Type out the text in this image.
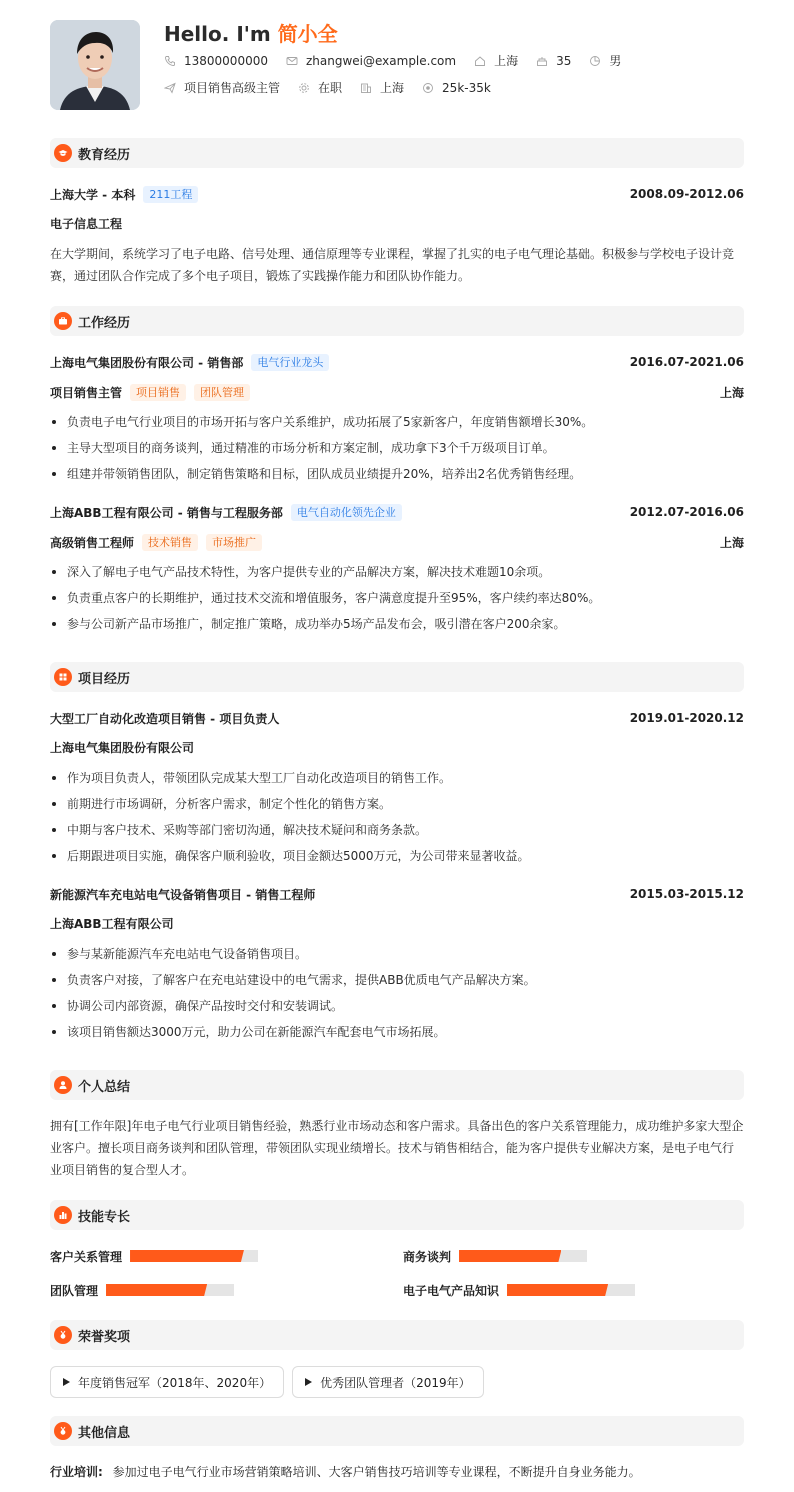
Hello. I'm 简小全
13800000000	zhangwei@example.com	上海	35	男
项目销售高级主管	在职	上海	25k-35k
教育经历
上海大学 - 本科	211工程	2008.09-2012.06
电子信息工程
在大学期间，系统学习了电子电路、信号处理、通信原理等专业课程，掌握了扎实的电子电气理论基础。积极参与学校电子设计竞赛，通过团队合作完成了多个电子项目，锻炼了实践操作能力和团队协作能力。
工作经历
上海电气集团股份有限公司 - 销售部	电气行业龙头	2016.07-2021.06
项目销售主管	项目销售	团队管理	上海
负责电子电气行业项目的市场开拓与客户关系维护，成功拓展了5家新客户，年度销售额增长30%。
主导大型项目的商务谈判，通过精准的市场分析和方案定制，成功拿下3个千万级项目订单。
组建并带领销售团队，制定销售策略和目标，团队成员业绩提升20%，培养出2名优秀销售经理。
上海ABB工程有限公司 - 销售与工程服务部	电气自动化领先企业	2012.07-2016.06
高级销售工程师	技术销售	市场推广	上海
深入了解电子电气产品技术特性，为客户提供专业的产品解决方案，解决技术难题10余项。
负责重点客户的长期维护，通过技术交流和增值服务，客户满意度提升至95%，客户续约率达80%。
参与公司新产品市场推广，制定推广策略，成功举办5场产品发布会，吸引潜在客户200余家。
项目经历
大型工厂自动化改造项目销售 - 项目负责人	2019.01-2020.12
上海电气集团股份有限公司
作为项目负责人，带领团队完成某大型工厂自动化改造项目的销售工作。
前期进行市场调研，分析客户需求，制定个性化的销售方案。
中期与客户技术、采购等部门密切沟通，解决技术疑问和商务条款。
后期跟进项目实施，确保客户顺利验收，项目金额达5000万元，为公司带来显著收益。
新能源汽车充电站电气设备销售项目 - 销售工程师	2015.03-2015.12
上海ABB工程有限公司
参与某新能源汽车充电站电气设备销售项目。
负责客户对接，了解客户在充电站建设中的电气需求，提供ABB优质电气产品解决方案。
协调公司内部资源，确保产品按时交付和安装调试。
该项目销售额达3000万元，助力公司在新能源汽车配套电气市场拓展。
个人总结
拥有[工作年限]年电子电气行业项目销售经验，熟悉行业市场动态和客户需求。具备出色的客户关系管理能力，成功维护多家大型企业客户。擅长项目商务谈判和团队管理，带领团队实现业绩增长。技术与销售相结合，能为客户提供专业解决方案，是电子电气行业项目销售的复合型人才。
技能专长
客户关系管理	商务谈判
团队管理	电子电气产品知识
荣誉奖项
年度销售冠军（2018年、2020年）	优秀团队管理者（2019年）
其他信息
行业培训: 参加过电子电气行业市场营销策略培训、大客户销售技巧培训等专业课程，不断提升自身业务能力。
